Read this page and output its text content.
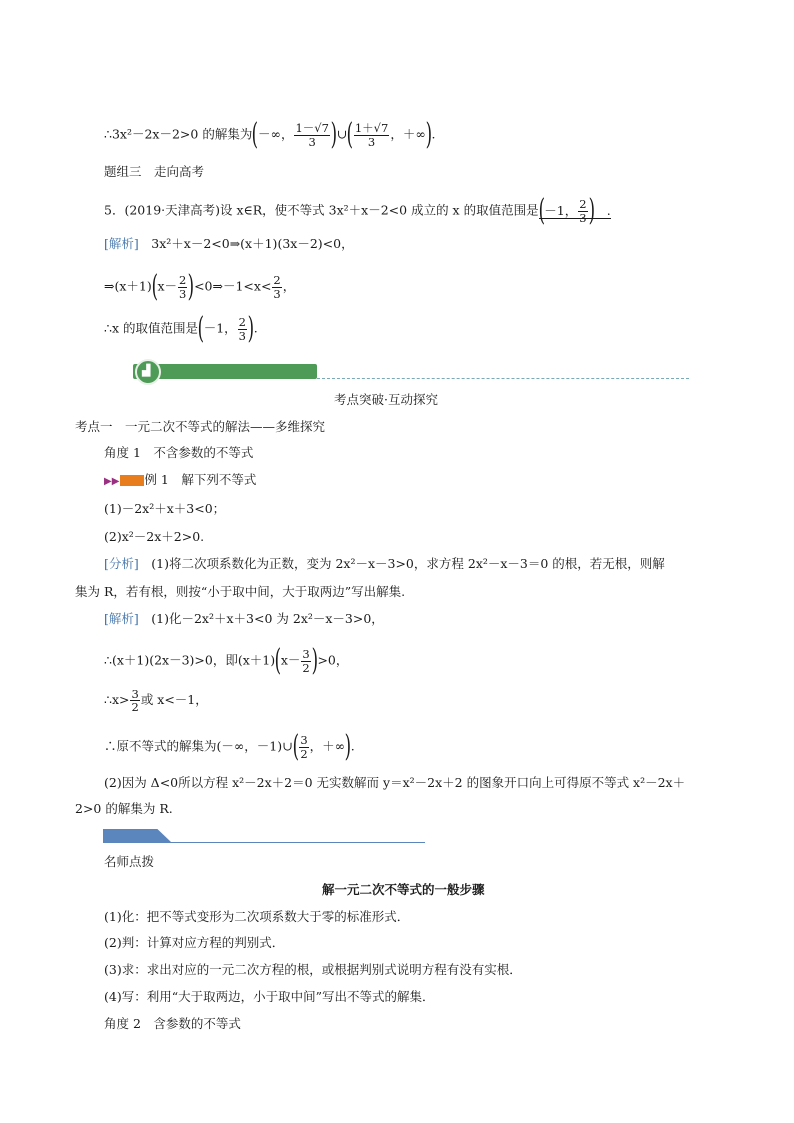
∴3x²－2x－2>0 的解集为(－∞， $\frac{1-√7}{3}$ )∪( $\frac{1+√7}{3}$ ，＋∞).
题组三　走向高考
5．(2019·天津高考)设 x∈R，使不等式 3x²＋x－2<0 成立的 x 的取值范围是(－1， $\frac{2}{3}$ )　.
[解析]　3x²＋x－2<0⇒(x＋1)(3x－2)<0，
⇒(x＋1)(x－ $\frac{2}{3}$ )<0⇒－1<x< $\frac{2}{3}$ ，
∴x 的取值范围是(－1， $\frac{2}{3}$ ).
▟
考点突破·互动探究
考点一　一元二次不等式的解法——多维探究
角度 1　不含参数的不等式
▶▶ 例 1　解下列不等式
(1)－2x²＋x＋3<0；
(2)x²－2x＋2>0.
[分析]　(1)将二次项系数化为正数，变为 2x²－x－3>0，求方程 2x²－x－3＝0 的根，若无根，则解
集为 R，若有根，则按“小于取中间，大于取两边”写出解集.
[解析]　(1)化－2x²＋x＋3<0 为 2x²－x－3>0，
∴(x＋1)(2x－3)>0，即$(x+1)(x- \frac{3}{2} )>0$，
∴x> $\frac{3}{2}$ 或 x<－1，
∴原不等式的解集为(－∞，－1)∪( $\frac{3}{2}$ ，＋∞).
(2)因为 Δ<0所以方程 x²－2x＋2＝0 无实数解而 y＝x²－2x＋2 的图象开口向上可得原不等式 x²－2x＋
2>0 的解集为 R.
名师点拨
解一元二次不等式的一般步骤
(1)化：把不等式变形为二次项系数大于零的标准形式．
(2)判：计算对应方程的判别式．
(3)求：求出对应的一元二次方程的根，或根据判别式说明方程有没有实根．
(4)写：利用“大于取两边，小于取中间”写出不等式的解集．
角度 2　含参数的不等式
